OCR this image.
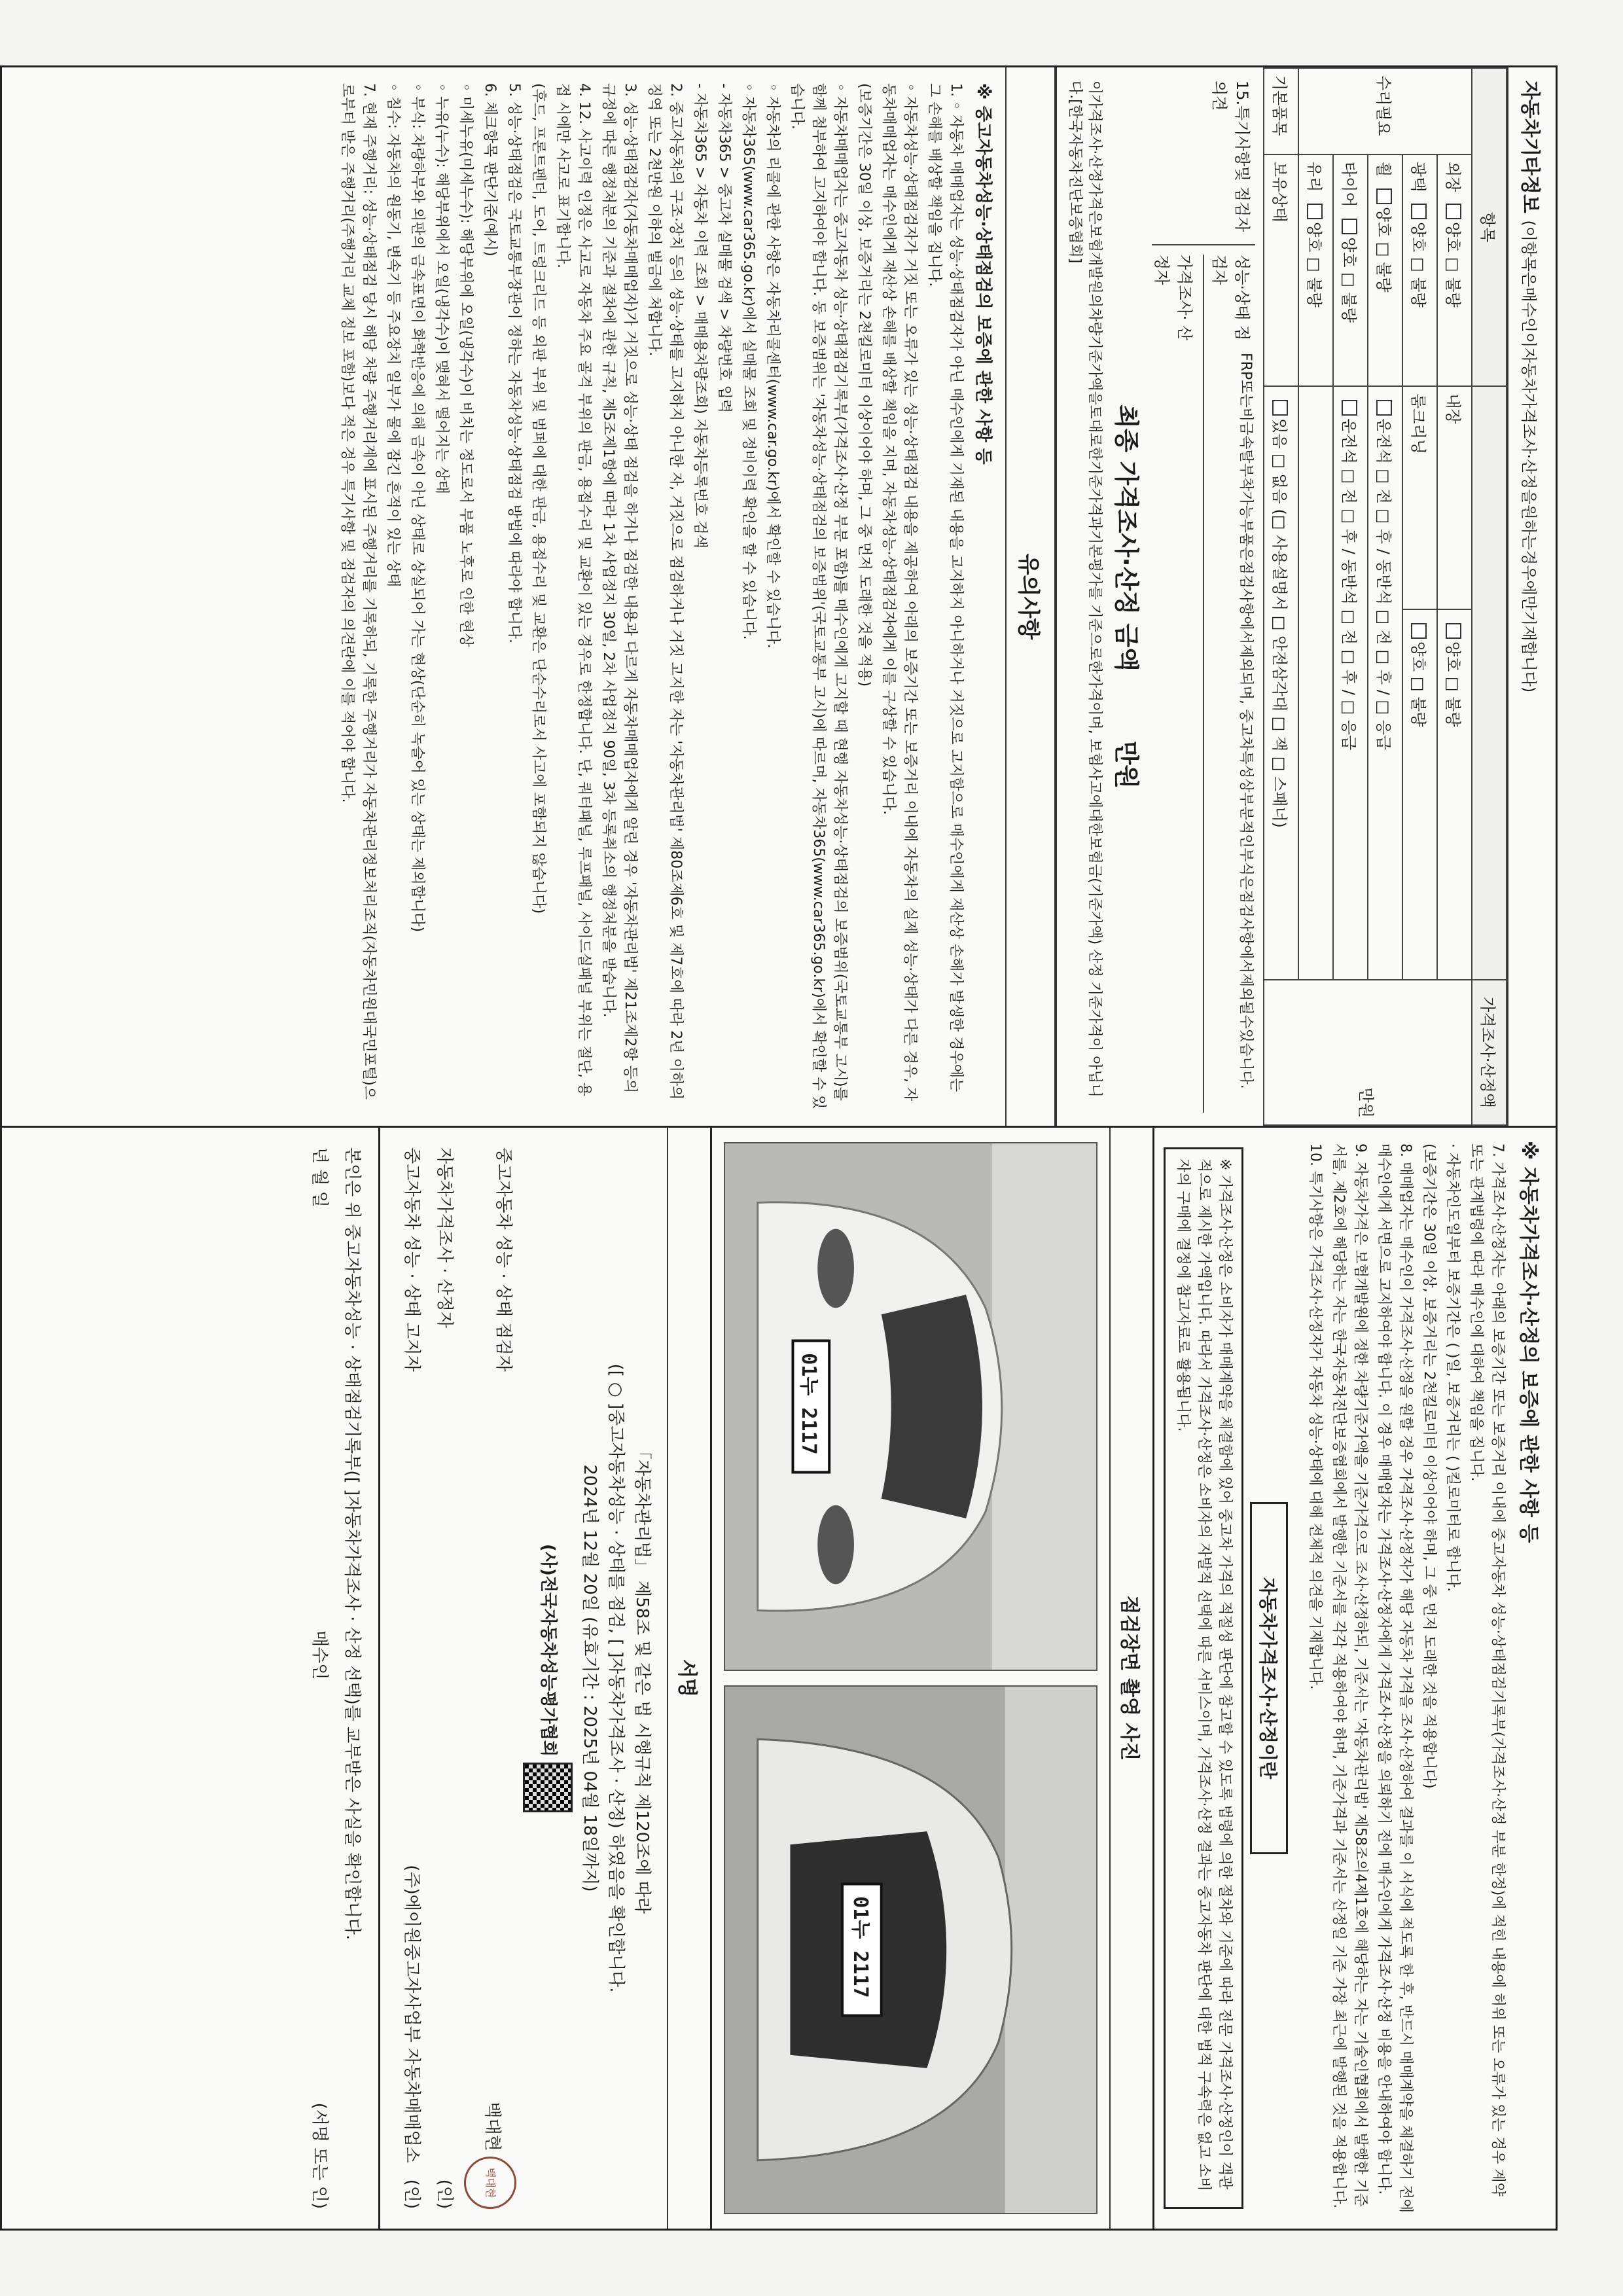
자동차기타정보 (이항목은매수인이자동차가격조사·산정을원하는경우에만기재합니다)
항목				가격조사·산정액
수리필요	외장 양호 □ 불량	내장	양호 □ 불량	만원
	광택 양호 □ 불량	룸크리닝	양호 □ 불량	
	휠 양호 □ 불량	운전석 □ 전 □ 후 / 동반석 □ 전 □ 후 / □ 응급		
	타이어 양호 □ 불량	운전석 □ 전 □ 후 / 동반석 □ 전 □ 후 / □ 응급		
	유리 양호 □ 불량			
기본품목	보유상태	있음 □ 없음 (□ 사용설명서 □ 안전삼각대 □ 잭 □ 스패너)		
15.특기사항및 점검자의견
성능·상태 점검자
FRP또는비금속탈부착가능부품은점검사항에서제외되며, 중고차특성상부분적인부식은점검사항에서제외될수있습니다.
가격조사· 산정자
최종 가격조사·산정 금액        만원
이가격조사·산정가격은보험개발원의차량기준가액을토대로한기준가격과기본평가를 기준으로한가격이며, 보험사고에대한보험금(기준가액) 산정 기준가격이 아닙니다.[한국자동차진단보증협회]
유의사항
※ 중고자동차성능·상태점검의 보증에 관한 사항 등

1. ◦ 자동차 매매업자는 성능·상태점검자가 아닌 매수인에게 기재된 내용을 고지하지 아니하거나 거짓으로 고지함으로 매수인에게 재산상 손해가 발생한 경우에는 그 손해를 배상할 책임을 집니다.

◦ 자동차성능·상태점검자가 거짓 또는 오류가 있는 성능·상태점검 내용을 제공하여 아래의 보증기간 또는 보증거리 이내에 자동차의 실제 성능·상태가 다른 경우, 자동차매매업자는 매수인에게 재산상 손해를 배상할 책임을 지며, 자동차성능·상태점검자에게 이를 구상할 수 있습니다.

(보증기간은 30일 이상, 보증거리는 2천킬로미터 이상이어야 하며, 그 중 먼저 도래한 것을 적용)

◦ 자동차매매업자는 중고자동차 성능·상태점검기록부(가격조사·산정 부분 포함)를 매수인에게 고지할 때 현행 자동차성능·상태점검의 보증범위(국토교통부 고시)를 함께 첨부하여 고지하여야 합니다. 동 보증범위는 '자동차성능·상태점검의 보증범위'(국토교통부 고시)에 따르며, 자동차365(www.car365.go.kr)에서 확인할 수 있습니다.

◦ 자동차의 리콜에 관한 사항은 자동차리콜센터(www.car.go.kr)에서 확인할 수 있습니다.

◦ 자동차365(www.car365.go.kr)에서 실매물 조회 및 정비이력 확인을 할 수 있습니다.

- 자동차365 > 중고차 실매물 검색 > 차량번호 입력

- 자동차365 > 자동차 이력 조회 > 매매용차량조회) 자동차등록번호 검색

2. 중고자동차의 구조·장치 등의 성능·상태를 고지하지 아니한 자, 거짓으로 점검하거나 거짓 고지한 자는 '자동차관리법' 제80조제6호 및 제7호에 따라 2년 이하의 징역 또는 2천만원 이하의 벌금에 처합니다.

3. 성능·상태점검자(자동차매매업자)가 거짓으로 성능·상태 점검을 하거나 점검한 내용과 다르게 자동차매매업자에게 알린 경우 '자동차관리법' 제21조제2항 등의 규정에 따른 행정처분의 기준과 절차에 관한 규칙, 제5조제1항에 따라 1차 사업정지 30일, 2차 사업정지 90일, 3차 등록취소의 행정처분을 받습니다.

4. 12. 사고이력 인정은 사고로 자동차 주요 골격 부위의 판금, 용접수리 및 교환이 있는 경우로 한정합니다. 단, 쿼터패널, 루프패널, 사이드실패널 부위는 절단, 용접 시에만 사고로 표기합니다.

(후드, 프론트펜더, 도어, 트렁크리드 등 외판 부위 및 범퍼에 대한 판금, 용접수리 및 교환은 단순수리로서 사고에 포함되지 않습니다)

5. 성능·상태점검은 국토교통부장관이 정하는 자동차성능·상태점검 방법에 따라야 합니다.

6. 체크항목 판단기준(예시)

◦ 미세누유(미세누수): 해당부위에 오일(냉각수)이 비치는 정도로서 부품 노후로 인한 현상

◦ 누유(누수): 해당부위에서 오일(냉각수)이 맺혀서 떨어지는 상태

◦ 부식: 차량하부와 외판의 금속표면이 화학반응에 의해 금속이 아닌 상태로 상실되어 가는 현상(단순히 녹슬어 있는 상태는 제외합니다)

◦ 침수: 자동차의 원동기, 변속기 등 주요장치 일부가 물에 잠긴 흔적이 있는 상태

7. 현재 주행거리: 성능·상태점검 당시 해당 차량 주행거리계에 표시된 주행거리를 기록하되, 기록한 주행거리가 자동차관리정보처리조직(자동차민원대국민포털)으로부터 받은 주행거리(주행거리 교체 정보 포함)보다 적은 경우 특기사항 및 점검자의 의견란에 이를 적어야 합니다.

※ 자동차가격조사·산정의 보증에 관한 사항 등

7. 가격조사·산정자는 아래의 보증기간 또는 보증거리 이내에 중고자동차 성능·상태점검기록부(가격조사·산정 부분 한정)에 적힌 내용에 허위 또는 오류가 있는 경우 계약 또는 관계법령에 따라 매수인에 대하여 책임을 집니다.

· 자동차인도일부터 보증기간은 ( )일, 보증거리는 ( )킬로미터로 합니다.

(보증기간은 30일 이상, 보증거리는 2천킬로미터 이상이어야 하며, 그 중 먼저 도래한 것을 적용합니다)

8. 매매업자는 매수인이 가격조사·산정을 원할 경우 가격조사·산정자가 해당 자동차 가격을 조사·산정하여 결과를 이 서식에 적도록 한 후, 반드시 매매계약을 체결하기 전에 매수인에게 서면으로 고지하여야 합니다. 이 경우 매매업자는 가격조사·산정자에게 가격조사·산정을 의뢰하기 전에 매수인에게 가격조사·산정 비용을 안내하여야 합니다.

9. 자동차가격은 보험개발원에 정한 차량기준가액을 기준가격으로 조사·산정하되, 기준서는 '자동차관리법' 제58조의4제1호에 해당하는 자는 기술인협회에서 발행한 기준서를, 제2호에 해당하는 자는 한국자동차진단보증협회에서 발행한 기준서를 각각 적용하여야 하며, 기준가격과 기준서는 산정일 기준 가장 최근에 발행된 것을 적용합니다.

10. 특기사항은 가격조사·산정자가 자동차 성능·상태에 대해 전체적 의견을 기재합니다.

자동차가격조사·산정이란
※ 가격조사·산정은 소비자가 매매계약을 체결함에 있어 중고차 가격의 적절성 판단에 참고할 수 있도록 법령에 의한 절차와 기준에 따라 전문 가격조사·산정인이 객관적으로 제시한 가액입니다. 따라서 가격조사·산정은 소비자의 자발적 선택에 따른 서비스이며, 가격조사·산정 결과는 중고자동차 판단에 대한 법적 구속력은 없고 소비자의 구매에 결정에 참고자료로 활용됩니다.
점검장면 촬영 사진
01누 2117
01누 2117
서명
「자동차관리법」 제58조 및 같은 법 시행규칙 제120조에 따라
([ ○ ]중고자동차성능 · 상태를 점검, [ ]자동차가격조사 · 산정) 하였음을 확인합니다.
2024년 12월 20일 (유효기간 : 2025년 04월 18일까지)
(사)전국자동차성능평가협회
중고자동차 성능 · 상태 점검자
백대현 백대현
자동차가격조사 · 산정자
(인)
중고자동차 성능 · 상태 고지자
(주)에이원중고자사업부 자동차매매업소   (인)
본인은 위 중고자동차성능 · 상태점검기록부([ ]자동차가격조사 · 산정 선택)를 교부받은 사실을 확인합니다.
년 월 일
매수인
(서명 또는 인)
